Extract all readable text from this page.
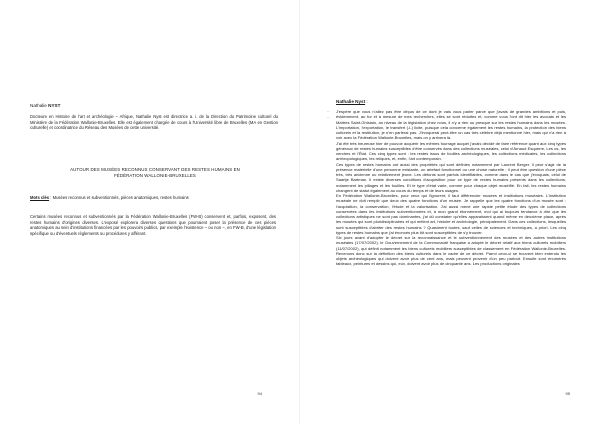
Nathalie NYST
Docteure en Histoire de l'art et archéologie – Afrique, Nathalie Nyst est directrice a. i. de la Direction du Patrimoine culturel du Ministère de la Fédération Wallonie-Bruxelles. Elle est également chargée de cours à l'Université libre de Bruxelles (MA en Gestion culturelle) et coordinatrice du Réseau des Musées de cette université.
AUTOUR DES MUSÉES RECONNUS CONSERVANT DES RESTES HUMAINS EN
FÉDÉRATION WALLONIE-BRUXELLES
Mots clés : Musées reconnus et subventionnés, pièces anatomiques, restes humains
Certains musées reconnus et subventionnés par la Fédération Wallonie-Bruxelles (FW-B) conservent et, parfois, exposent, des restes humains d'origines diverses. L'exposé explorera diverses questions que pourraient poser la présence de ces pièces anatomiques au sein d'institutions financées par les pouvoirs publics, par exemple l'existence – ou non –, en FW-B, d'une législation spécifique ou d'éventuels règlements ou procédures y afférant.
94
Nathalie Nyst :
–
–

J'espère que vous n'allez pas être déçus de ce dont je vais vous parler parce que j'avais de grandes ambitions et puis, évidemment, au fur et à mesure de mes recherches, elles se sont réduites et, comme vous l'ont dit hier les avocats et les Maîtres Saint-Ghislain, au niveau de la législation chez nous, il n'y a rien ou presque sur les restes humains dans les musées. L'importation, l'exportation, le transfert (-l-) licite, puisque cela concerne également les restes humains, la protection des biens culturels et la restitution, je n'en parlerai pas. J'évoquerai peut-être un cas très célèbre déjà mentionné hier, mais qui n'a rien à voir avec la Fédération Wallonie-Bruxelles, mais on y arrivera là.

J'ai été très heureuse hier de pouvoir acquérir les mêmes fourrage auquel j'avais décidé de faire référence quant aux cinq types généraux de restes humains susceptibles d'être conservés dans des collections muséales, celui d'Arnaud Esquerre, Les os, les cendres et l'État. Ces cinq types sont : les restes issus de fouilles archéologiques, les collections médicales, les collections anthropologiques, les reliques, et, enfin, l'art contemporain.

Ces types de restes humains ont aussi des propriétés qui sont définies notamment par Laurent Berger. Il peut s'agir de la présence matérielle d'une personne existante, un artefact fonctionnel ou une chose naturelle ; il peut être question d'une pièce très, très ancienne ou relativement jeune. Les défunts sont parfois identifiables, comme dans le cas que j'évoquais, celui de Saartje Bartman. Il existe diverses conditions d'acquisition pour ce type de restes humains présents dans les collections, notamment les pillages et les fouilles. Et le type d'état varie, comme pour chaque objet muséifié. En fait, les restes humains changent de statut également au cours du temps et de leurs usages.

En Fédération Wallonie-Bruxelles, pour ceux qui l'ignorent, il faut différencier musées et institutions muséales. L'institution muséale ne doit remplir que deux des quatre fonctions d'un musée. Je rappelle que les quatre fonctions d'un musée sont : l'acquisition, la conservation, l'étude et la valorisation. J'ai aussi mené une rapide petite étude des types de collections conservées dans les institutions subventionnées et, à mon grand étonnement, moi qui ai toujours tendance à dire que les collections artistiques ne sont pas dominantes, j'ai dû constater qu'elles apparaissent quand même en deuxième place, après les musées qui sont pluridisciplinaires et qui mêlent art, histoire et archéologie, principalement. Dans ces collections, lesquelles sont susceptibles d'abriter des restes humains ? Quasiment toutes, sauf celles de sciences et techniques, a priori. Les cinq types de restes humains que j'ai énoncés plus tôt sont susceptibles de s'y trouver.

Six jours avant d'adopter le décret sur la reconnaissance et le subventionnement des musées et des autres institutions muséales (17/07/2002), le Gouvernement de la Communauté française a adopté le décret relatif aux biens culturels mobiliers (11/07/2002), qui définit notamment les biens culturels mobiliers susceptibles de classement en Fédération Wallonie-Bruxelles. Revenons donc sur la définition des biens culturels dans le cadre de ce décret. Parmi ceux-ci se trouvent bien entendu les objets archéologiques qui doivent avoir plus de cent ans, mais peuvent provenir d'un peu partout. Ensuite sont énumérés tableaux, peintures et dessins qui, eux, doivent avoir plus de cinquante ans. Les productions originales

95
